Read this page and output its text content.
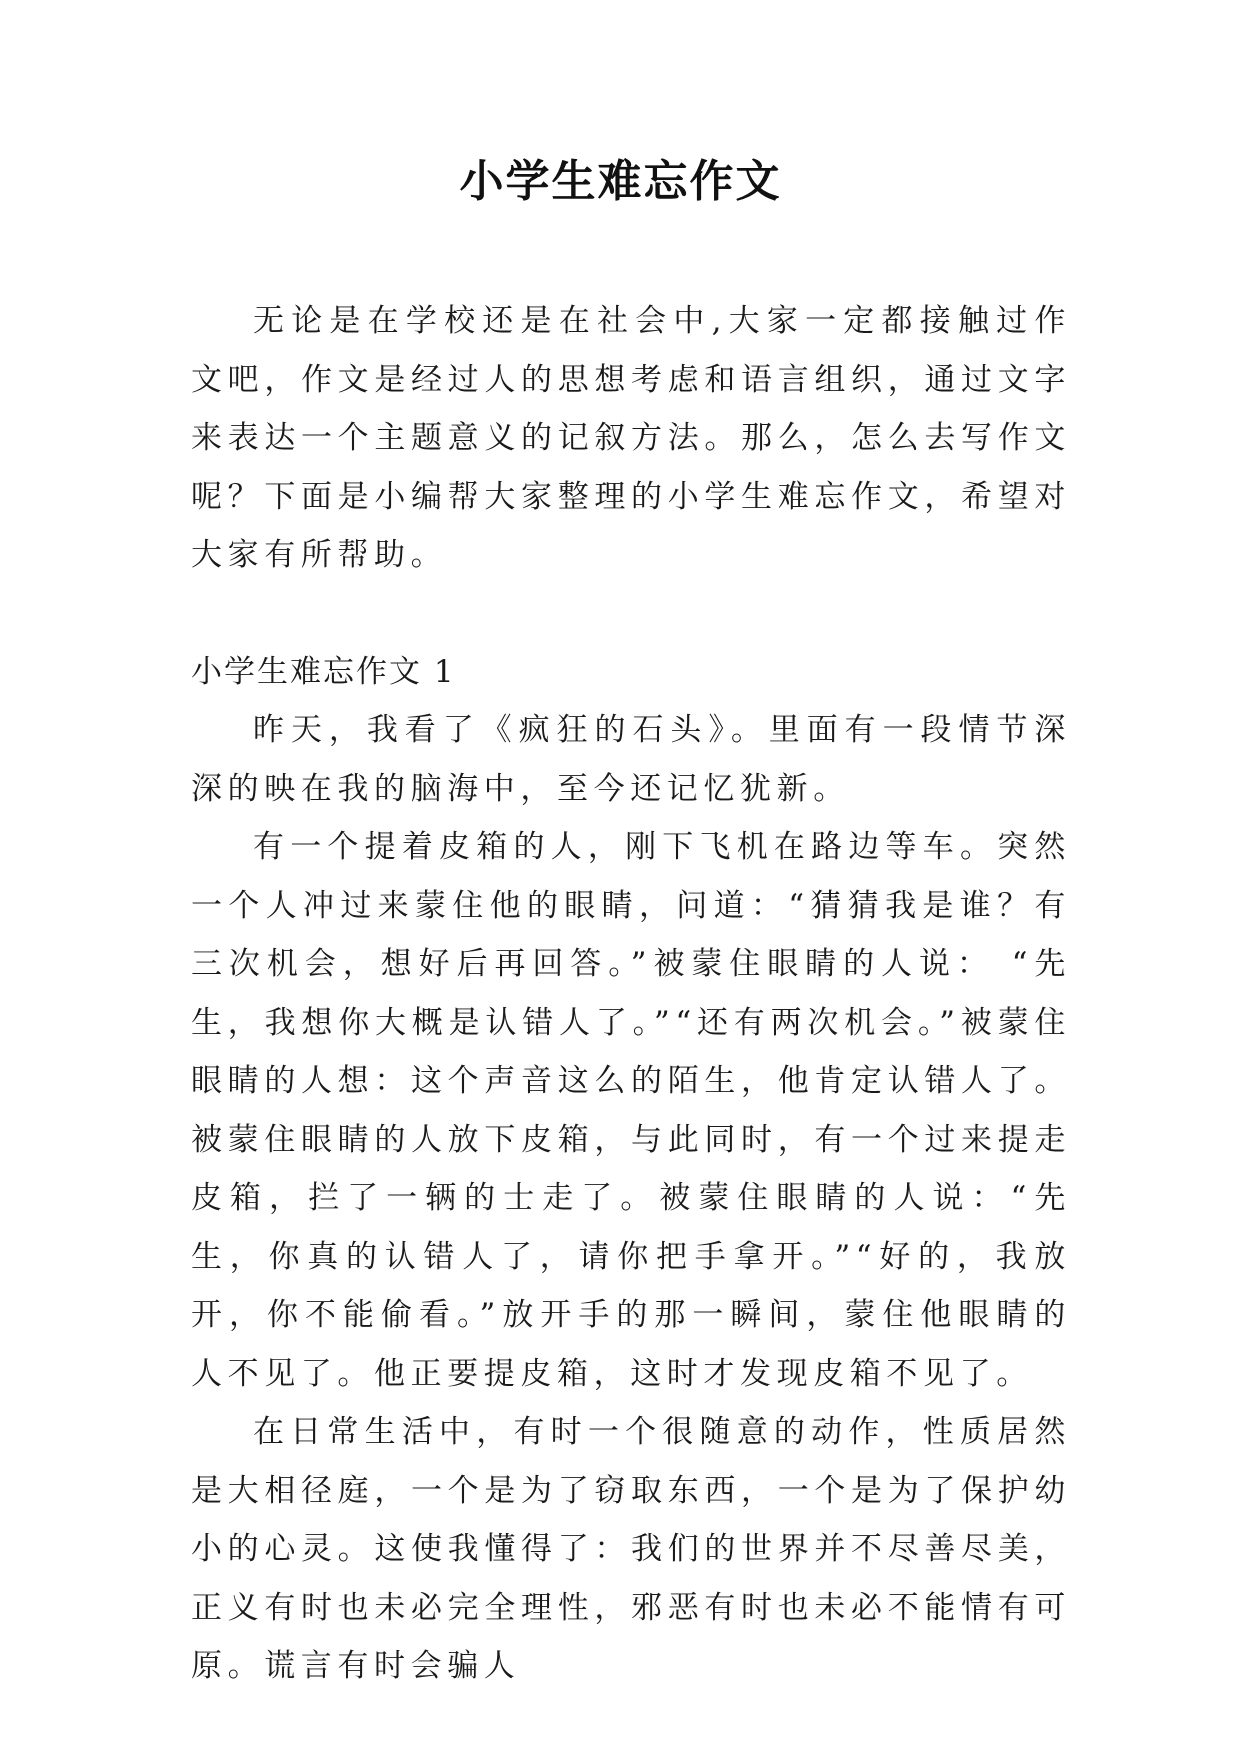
小学生难忘作文

无论是在学校还是在社会中,大家一定都接触过作文吧，作文是经过人的思想考虑和语言组织，通过文字来表达一个主题意义的记叙方法。那么，怎么去写作文呢？下面是小编帮大家整理的小学生难忘作文，希望对大家有所帮助。

小学生难忘作文 1

昨天，我看了《疯狂的石头》。里面有一段情节深深的映在我的脑海中，至今还记忆犹新。

有一个提着皮箱的人，刚下飞机在路边等车。突然一个人冲过来蒙住他的眼睛，问道：“猜猜我是谁？有三次机会，想好后再回答。”被蒙住眼睛的人说： “先生，我想你大概是认错人了。”“还有两次机会。”被蒙住眼睛的人想：这个声音这么的陌生，他肯定认错人了。被蒙住眼睛的人放下皮箱，与此同时，有一个过来提走皮箱，拦了一辆的士走了。被蒙住眼睛的人说：“先生，你真的认错人了，请你把手拿开。”“好的，我放开，你不能偷看。”放开手的那一瞬间，蒙住他眼睛的人不见了。他正要提皮箱，这时才发现皮箱不见了。

在日常生活中，有时一个很随意的动作，性质居然是大相径庭，一个是为了窃取东西，一个是为了保护幼小的心灵。这使我懂得了：我们的世界并不尽善尽美，正义有时也未必完全理性，邪恶有时也未必不能情有可原。谎言有时会骗人
